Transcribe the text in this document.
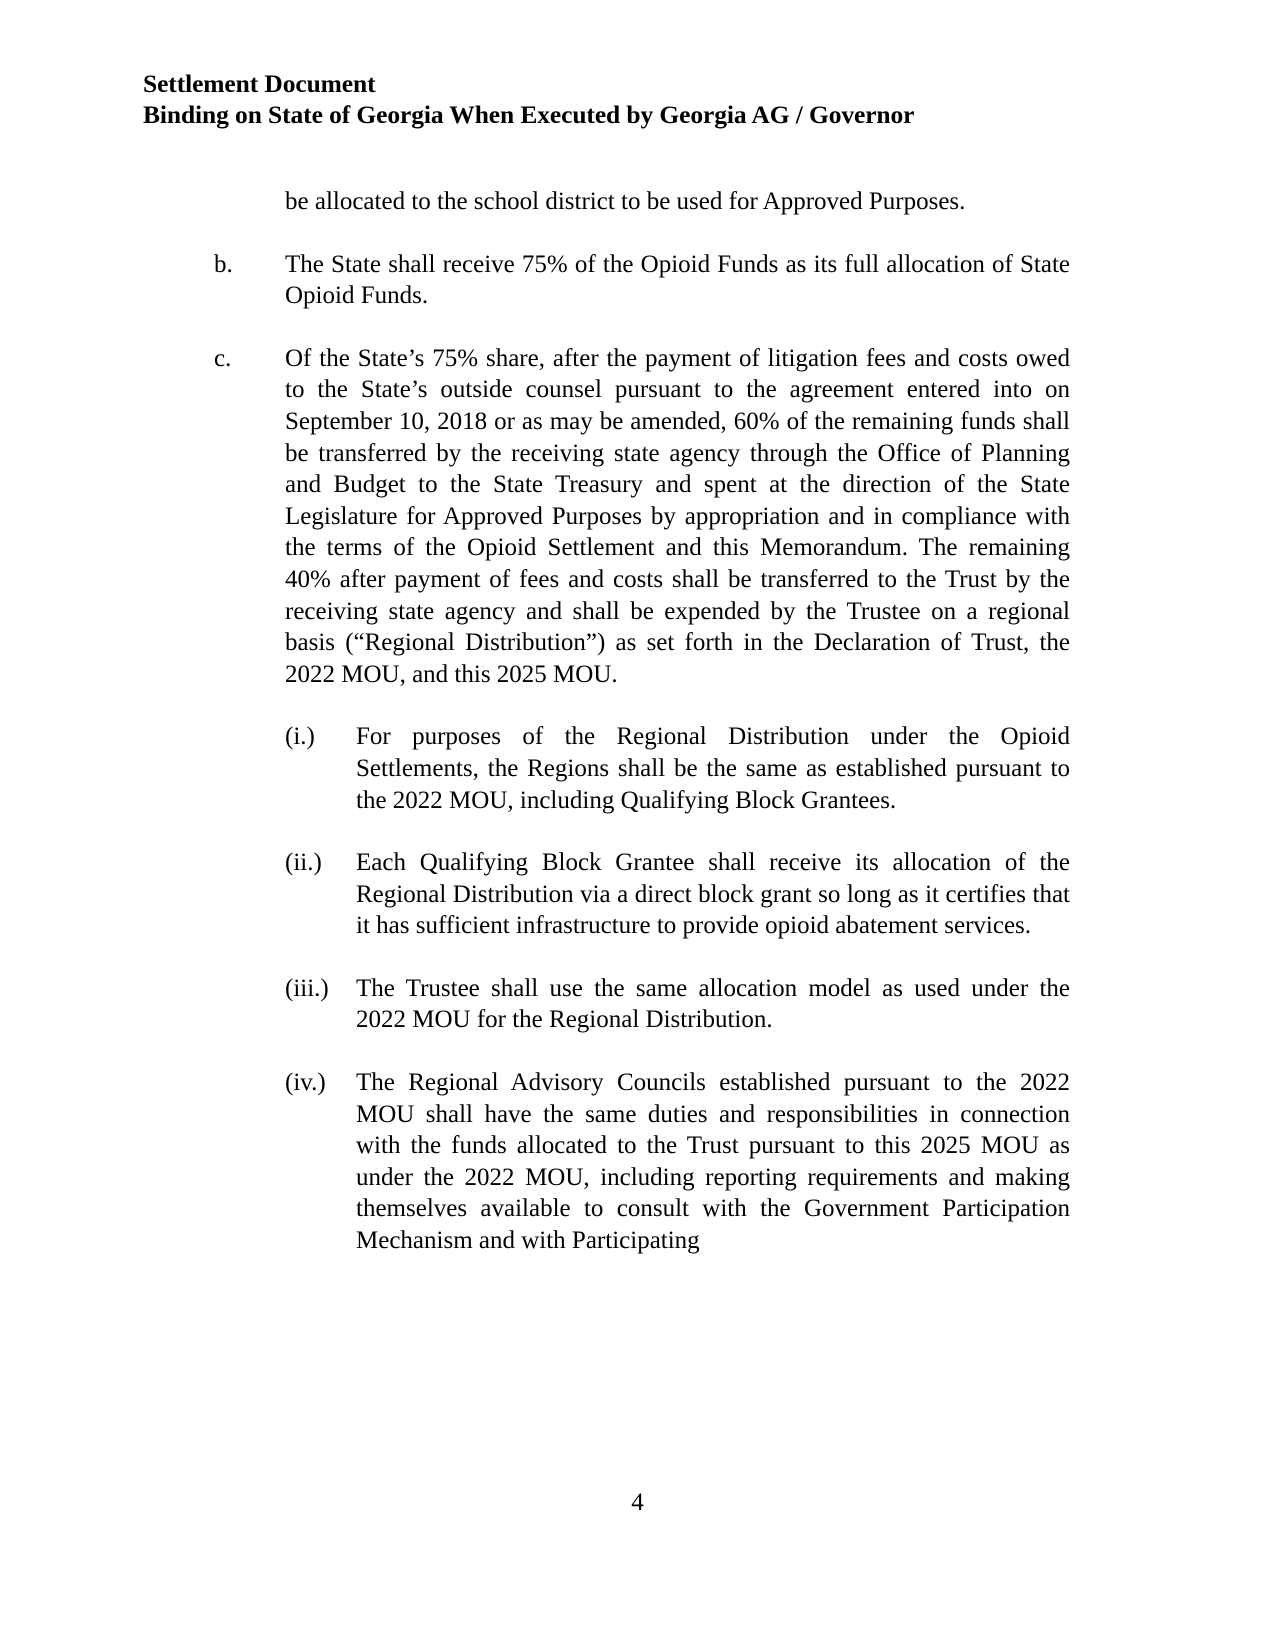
Settlement Document
Binding on State of Georgia When Executed by Georgia AG / Governor
be allocated to the school district to be used for Approved Purposes.
b.	The State shall receive 75% of the Opioid Funds as its full allocation of State Opioid Funds.
c.	Of the State’s 75% share, after the payment of litigation fees and costs owed to the State’s outside counsel pursuant to the agreement entered into on September 10, 2018 or as may be amended, 60% of the remaining funds shall be transferred by the receiving state agency through the Office of Planning and Budget to the State Treasury and spent at the direction of the State Legislature for Approved Purposes by appropriation and in compliance with the terms of the Opioid Settlement and this Memorandum. The remaining 40% after payment of fees and costs shall be transferred to the Trust by the receiving state agency and shall be expended by the Trustee on a regional basis (“Regional Distribution”) as set forth in the Declaration of Trust, the 2022 MOU, and this 2025 MOU.
(i.)	For purposes of the Regional Distribution under the Opioid Settlements, the Regions shall be the same as established pursuant to the 2022 MOU, including Qualifying Block Grantees.
(ii.)	Each Qualifying Block Grantee shall receive its allocation of the Regional Distribution via a direct block grant so long as it certifies that it has sufficient infrastructure to provide opioid abatement services.
(iii.)	The Trustee shall use the same allocation model as used under the 2022 MOU for the Regional Distribution.
(iv.)	The Regional Advisory Councils established pursuant to the 2022 MOU shall have the same duties and responsibilities in connection with the funds allocated to the Trust pursuant to this 2025 MOU as under the 2022 MOU, including reporting requirements and making themselves available to consult with the Government Participation Mechanism and with Participating
4
